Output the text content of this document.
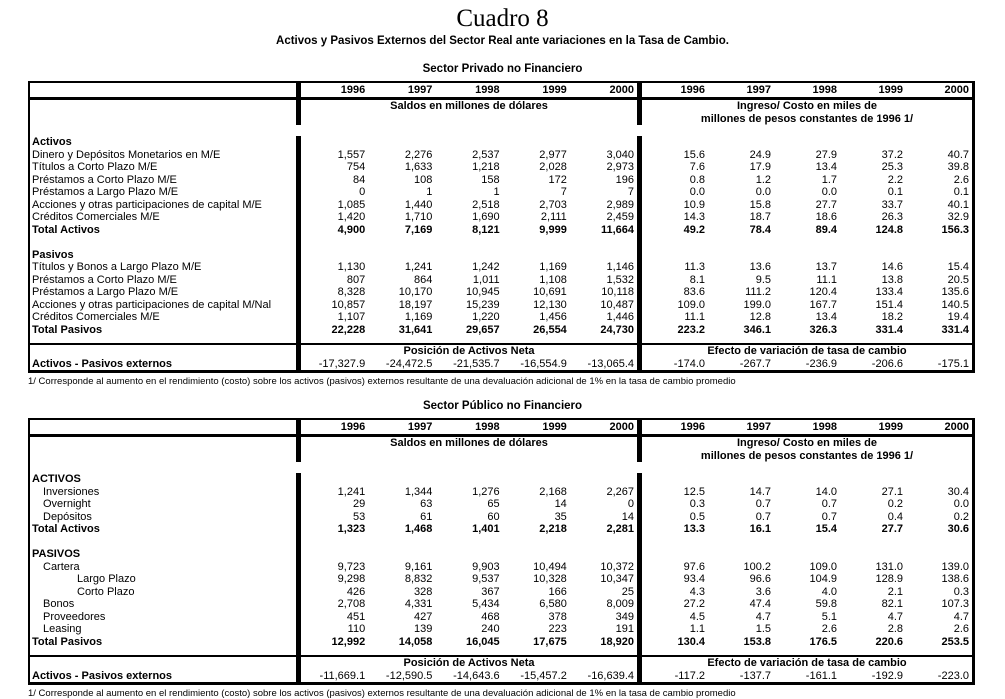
Cuadro 8
Activos y Pasivos Externos del Sector Real ante variaciones en la Tasa de Cambio.
Sector Privado no Financiero
1996	1997	1998	1999	2000	1996	1997	1998	1999	2000
Saldos en millones de dólares	Ingreso/ Costo en miles de
millones de pesos constantes de 1996 1/
Activos
Dinero y Depósitos Monetarios en M/E	1,557	2,276	2,537	2,977	3,040	15.6	24.9	27.9	37.2	40.7
Títulos a Corto Plazo M/E	754	1,633	1,218	2,028	2,973	7.6	17.9	13.4	25.3	39.8
Préstamos a Corto Plazo M/E	84	108	158	172	196	0.8	1.2	1.7	2.2	2.6
Préstamos a Largo Plazo M/E	0	1	1	7	7	0.0	0.0	0.0	0.1	0.1
Acciones y otras participaciones de capital M/E	1,085	1,440	2,518	2,703	2,989	10.9	15.8	27.7	33.7	40.1
Créditos Comerciales M/E	1,420	1,710	1,690	2,111	2,459	14.3	18.7	18.6	26.3	32.9
Total Activos	4,900	7,169	8,121	9,999	11,664	49.2	78.4	89.4	124.8	156.3
Pasivos
Títulos y Bonos a Largo Plazo M/E	1,130	1,241	1,242	1,169	1,146	11.3	13.6	13.7	14.6	15.4
Préstamos a Corto Plazo M/E	807	864	1,011	1,108	1,532	8.1	9.5	11.1	13.8	20.5
Préstamos a Largo Plazo M/E	8,328	10,170	10,945	10,691	10,118	83.6	111.2	120.4	133.4	135.6
Acciones y otras participaciones de capital M/Nal	10,857	18,197	15,239	12,130	10,487	109.0	199.0	167.7	151.4	140.5
Créditos Comerciales M/E	1,107	1,169	1,220	1,456	1,446	11.1	12.8	13.4	18.2	19.4
Total Pasivos	22,228	31,641	29,657	26,554	24,730	223.2	346.1	326.3	331.4	331.4
Posición de Activos Neta	Efecto de variación de tasa de cambio
Activos - Pasivos externos	-17,327.9	-24,472.5	-21,535.7	-16,554.9	-13,065.4	-174.0	-267.7	-236.9	-206.6	-175.1
1/ Corresponde al aumento en el rendimiento (costo) sobre los activos (pasivos) externos resultante de una devaluación adicional de 1% en la tasa de cambio promedio
Sector Público no Financiero
1996	1997	1998	1999	2000	1996	1997	1998	1999	2000
Saldos en millones de dólares	Ingreso/ Costo en miles de
millones de pesos constantes de 1996 1/
ACTIVOS
Inversiones	1,241	1,344	1,276	2,168	2,267	12.5	14.7	14.0	27.1	30.4
Overnight	29	63	65	14	0	0.3	0.7	0.7	0.2	0.0
Depósitos	53	61	60	35	14	0.5	0.7	0.7	0.4	0.2
Total Activos	1,323	1,468	1,401	2,218	2,281	13.3	16.1	15.4	27.7	30.6
PASIVOS
Cartera	9,723	9,161	9,903	10,494	10,372	97.6	100.2	109.0	131.0	139.0
Largo Plazo	9,298	8,832	9,537	10,328	10,347	93.4	96.6	104.9	128.9	138.6
Corto Plazo	426	328	367	166	25	4.3	3.6	4.0	2.1	0.3
Bonos	2,708	4,331	5,434	6,580	8,009	27.2	47.4	59.8	82.1	107.3
Proveedores	451	427	468	378	349	4.5	4.7	5.1	4.7	4.7
Leasing	110	139	240	223	191	1.1	1.5	2.6	2.8	2.6
Total Pasivos	12,992	14,058	16,045	17,675	18,920	130.4	153.8	176.5	220.6	253.5
Posición de Activos Neta	Efecto de variación de tasa de cambio
Activos - Pasivos externos	-11,669.1	-12,590.5	-14,643.6	-15,457.2	-16,639.4	-117.2	-137.7	-161.1	-192.9	-223.0
1/ Corresponde al aumento en el rendimiento (costo) sobre los activos (pasivos) externos resultante de una devaluación adicional de 1% en la tasa de cambio promedio
